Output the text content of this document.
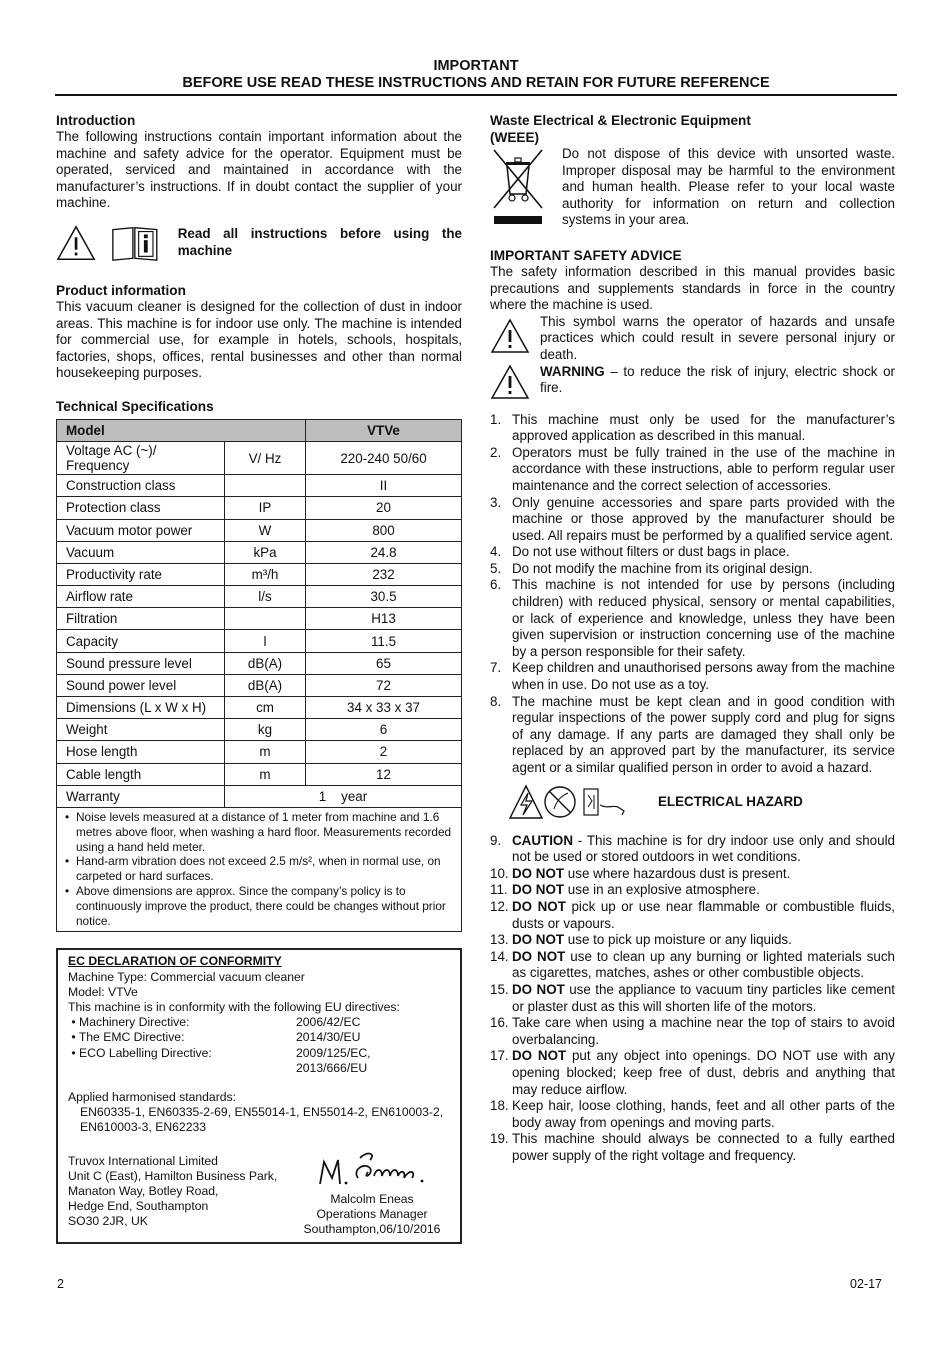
IMPORTANT
BEFORE USE READ THESE INSTRUCTIONS AND RETAIN FOR FUTURE REFERENCE
Introduction

The following instructions contain important information about the machine and safety advice for the operator. Equipment must be operated, serviced and maintained in accordance with the manufacturer’s instructions. If in doubt contact the supplier of your machine.

Read all instructions before using the machine
Product information

This vacuum cleaner is designed for the collection of dust in indoor areas. This machine is for indoor use only. The machine is intended for commercial use, for example in hotels, schools, hospitals, factories, shops, offices, rental businesses and other than normal housekeeping purposes.

Technical Specifications
Model		VTVe
Voltage AC (~)/ Frequency	V/ Hz	220-240 50/60
Construction class		II
Protection class	IP	20
Vacuum motor power	W	800
Vacuum	kPa	24.8
Productivity rate	m³/h	232
Airflow rate	l/s	30.5
Filtration		H13
Capacity	l	11.5
Sound pressure level	dB(A)	65
Sound power level	dB(A)	72
Dimensions (L x W x H)	cm	34 x 33 x 37
Weight	kg	6
Hose length	m	2
Cable length	m	12
Warranty	1    year	
• Noise levels measured at a distance of 1 meter from machine and 1.6 metres above floor, when washing a hard floor. Measurements recorded using a hand held meter.
• Hand-arm vibration does not exceed 2.5 m/s², when in normal use, on carpeted or hard surfaces.
• Above dimensions are approx. Since the company’s policy is to continuously improve the product, there could be changes without prior notice.
EC DECLARATION OF CONFORMITY
Machine Type: Commercial vacuum cleaner
Model: VTVe
This machine is in conformity with the following EU directives:
• Machinery Directive:	2006/42/EC
• The EMC Directive:	2014/30/EU
• ECO Labelling Directive:	2009/125/EC,
2013/666/EU
Applied harmonised standards:
EN60335-1, EN60335-2-69, EN55014-1, EN55014-2, EN610003-2, EN610003-3, EN62233
Truvox International Limited
Unit C (East), Hamilton Business Park,
Manaton Way, Botley Road,
Hedge End, Southampton
SO30 2JR, UK
Malcolm Eneas
Operations Manager
Southampton,06/10/2016
Waste Electrical & Electronic Equipment
(WEEE)

Do not dispose of this device with unsorted waste. Improper disposal may be harmful to the environment and human health. Please refer to your local waste authority for information on return and collection systems in your area.

IMPORTANT SAFETY ADVICE

The safety information described in this manual provides basic precautions and supplements standards in force in the country where the machine is used.

This symbol warns the operator of hazards and unsafe practices which could result in severe personal injury or death.

WARNING – to reduce the risk of injury, electric shock or fire.

1. This machine must only be used for the manufacturer’s approved application as described in this manual.
2. Operators must be fully trained in the use of the machine in accordance with these instructions, able to perform regular user maintenance and the correct selection of accessories.
3. Only genuine accessories and spare parts provided with the machine or those approved by the manufacturer should be used. All repairs must be performed by a qualified service agent.
4. Do not use without filters or dust bags in place.
5. Do not modify the machine from its original design.
6. This machine is not intended for use by persons (including children) with reduced physical, sensory or mental capabilities, or lack of experience and knowledge, unless they have been given supervision or instruction concerning use of the machine by a person responsible for their safety.
7. Keep children and unauthorised persons away from the machine when in use. Do not use as a toy.
8. The machine must be kept clean and in good condition with regular inspections of the power supply cord and plug for signs of any damage. If any parts are damaged they shall only be replaced by an approved part by the manufacturer, its service agent or a similar qualified person in order to avoid a hazard.
ELECTRICAL HAZARD
9. CAUTION - This machine is for dry indoor use only and should not be used or stored outdoors in wet conditions.
10. DO NOT use where hazardous dust is present.
11. DO NOT use in an explosive atmosphere.
12. DO NOT pick up or use near flammable or combustible fluids, dusts or vapours.
13. DO NOT use to pick up moisture or any liquids.
14. DO NOT use to clean up any burning or lighted materials such as cigarettes, matches, ashes or other combustible objects.
15. DO NOT use the appliance to vacuum tiny particles like cement or plaster dust as this will shorten life of the motors.
16. Take care when using a machine near the top of stairs to avoid overbalancing.
17. DO NOT put any object into openings. DO NOT use with any opening blocked; keep free of dust, debris and anything that may reduce airflow.
18. Keep hair, loose clothing, hands, feet and all other parts of the body away from openings and moving parts.
19. This machine should always be connected to a fully earthed power supply of the right voltage and frequency.
2	02-17
